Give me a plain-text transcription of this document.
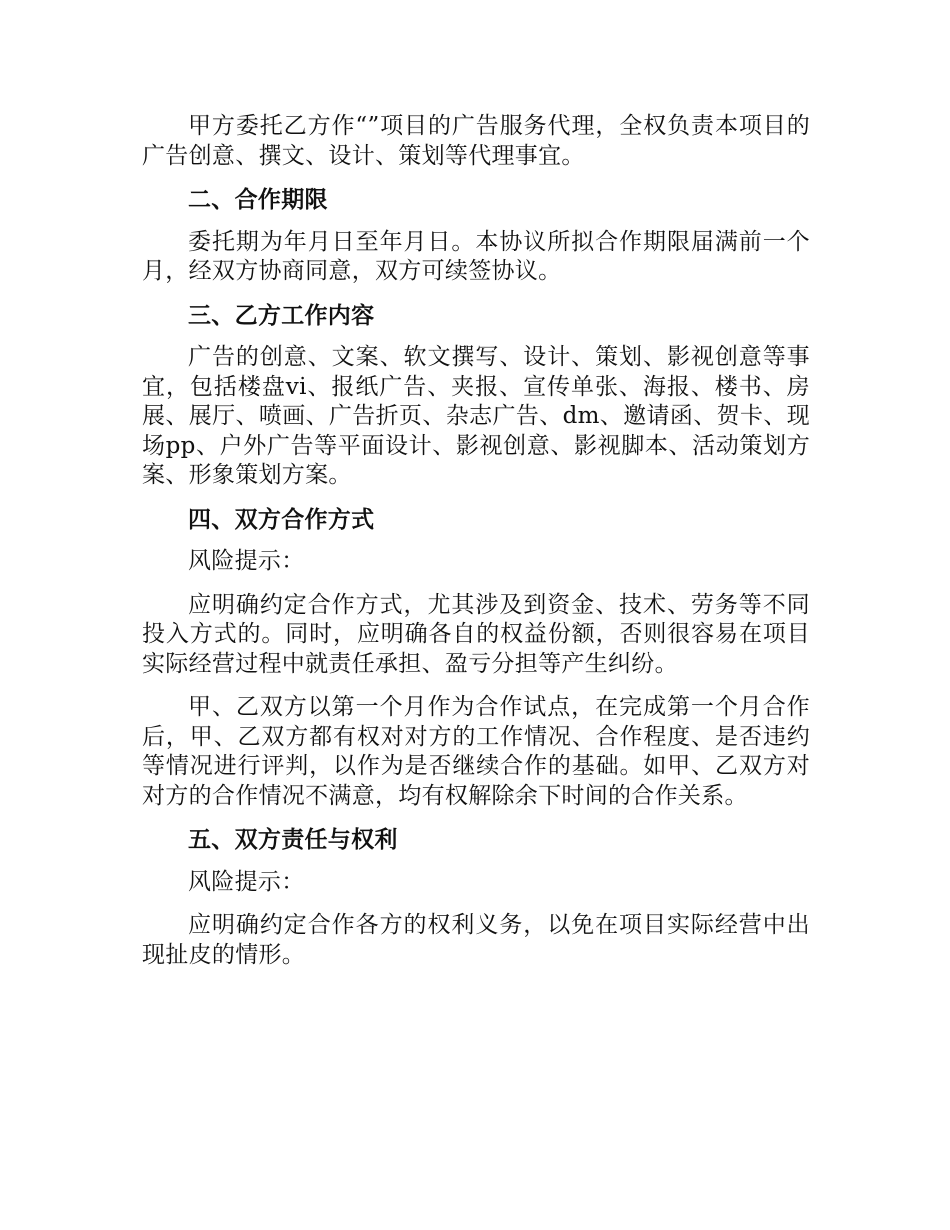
甲方委托乙方作“”项目的广告服务代理，全权负责本项目的广告创意、撰文、设计、策划等代理事宜。

二、合作期限

委托期为年月日至年月日。本协议所拟合作期限届满前一个月，经双方协商同意，双方可续签协议。

三、乙方工作内容

广告的创意、文案、软文撰写、设计、策划、影视创意等事宜，包括楼盘vi、报纸广告、夹报、宣传单张、海报、楼书、房展、展厅、喷画、广告折页、杂志广告、dm、邀请函、贺卡、现场pp、户外广告等平面设计、影视创意、影视脚本、活动策划方案、形象策划方案。

四、双方合作方式

风险提示：

应明确约定合作方式，尤其涉及到资金、技术、劳务等不同投入方式的。同时，应明确各自的权益份额，否则很容易在项目实际经营过程中就责任承担、盈亏分担等产生纠纷。

甲、乙双方以第一个月作为合作试点，在完成第一个月合作后，甲、乙双方都有权对对方的工作情况、合作程度、是否违约等情况进行评判，以作为是否继续合作的基础。如甲、乙双方对对方的合作情况不满意，均有权解除余下时间的合作关系。

五、双方责任与权利

风险提示：

应明确约定合作各方的权利义务，以免在项目实际经营中出现扯皮的情形。
